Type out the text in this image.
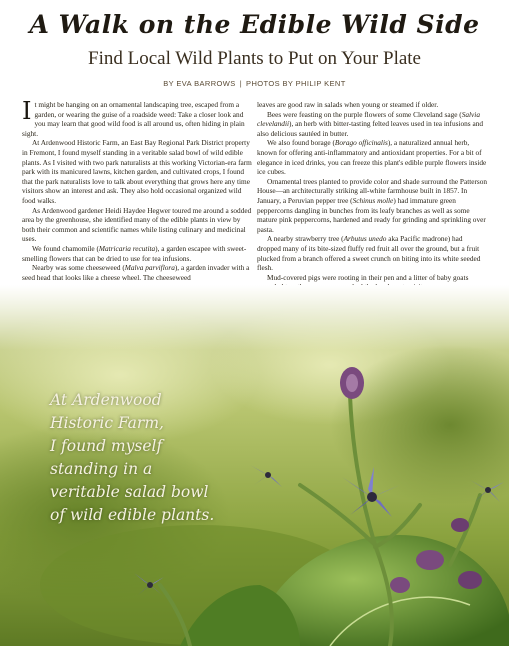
A Walk on the Edible Wild Side
Find Local Wild Plants to Put on Your Plate
BY EVA BARROWS | PHOTOS BY PHILIP KENT

It might be hanging on an ornamental landscaping tree, escaped from a garden, or wearing the guise of a roadside weed: Take a closer look and you may learn that good wild food is all around us, often hiding in plain sight.

At Ardenwood Historic Farm, an East Bay Regional Park District property in Fremont, I found myself standing in a veritable salad bowl of wild edible plants. As I visited with two park naturalists at this working Victorian-era farm park with its manicured lawns, kitchen garden, and cultivated crops, I found that the park naturalists love to talk about everything that grows here any time visitors show an interest and ask. They also hold occasional organized wild food walks.

As Ardenwood gardener Heidi Haydee Hegwer toured me around a sodded area by the greenhouse, she identified many of the edible plants in view by both their common and scientific names while listing culinary and medicinal uses.

We found chamomile (Matricaria recutita), a garden escapee with sweet-smelling flowers that can be dried to use for tea infusions.

Nearby was some cheeseweed (Malva parviflora), a garden invader with a seed head that looks like a cheese wheel. The cheeseweed

leaves are good raw in salads when young or steamed if older.

Bees were feasting on the purple flowers of some Cleveland sage (Salvia clevelandii), an herb with bitter-tasting felted leaves used in tea infusions and also delicious sautéed in butter.

We also found borage (Borago officinalis), a naturalized annual herb, known for offering anti-inflammatory and antioxidant properties. For a bit of elegance in iced drinks, you can freeze this plant's edible purple flowers inside ice cubes.

Ornamental trees planted to provide color and shade surround the Patterson House—an architecturally striking all-white farmhouse built in 1857. In January, a Peruvian pepper tree (Schinus molle) had immature green peppercorns dangling in bunches from its leafy branches as well as some mature pink peppercorns, hardened and ready for grinding and sprinkling over pasta.

A nearby strawberry tree (Arbutus unedo aka Pacific madrone) had dropped many of its bite-sized fluffy red fruit all over the ground, but a fruit plucked from a branch offered a sweet crunch on biting into its white seeded flesh.

Mud-covered pigs were rooting in their pen and a litter of baby goats

At Ardenwood
Historic Farm,
I found myself
standing in a
veritable salad bowl
of wild edible plants.
